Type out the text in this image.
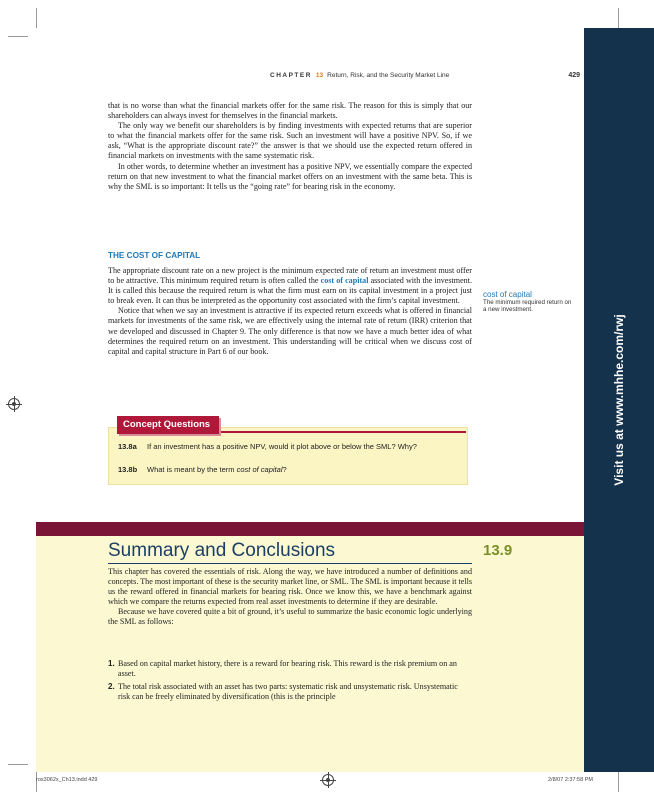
Visit us at www.mhhe.com/rwj
CHAPTER 13 Return, Risk, and the Security Market Line	429

that is no worse than what the financial markets offer for the same risk. The reason for this is simply that our shareholders can always invest for themselves in the financial markets.

The only way we benefit our shareholders is by finding investments with expected returns that are superior to what the financial markets offer for the same risk. Such an investment will have a positive NPV. So, if we ask, “What is the appropriate discount rate?” the answer is that we should use the expected return offered in financial markets on investments with the same systematic risk.

In other words, to determine whether an investment has a positive NPV, we essentially compare the expected return on that new investment to what the financial market offers on an investment with the same beta. This is why the SML is so important: It tells us the “going rate” for bearing risk in the economy.

THE COST OF CAPITAL

The appropriate discount rate on a new project is the minimum expected rate of return an investment must offer to be attractive. This minimum required return is often called the cost of capital associated with the investment. It is called this because the required return is what the firm must earn on its capital investment in a project just to break even. It can thus be interpreted as the opportunity cost associated with the firm’s capital investment.

Notice that when we say an investment is attractive if its expected return exceeds what is offered in financial markets for investments of the same risk, we are effectively using the internal rate of return (IRR) criterion that we developed and discussed in Chapter 9. The only difference is that now we have a much better idea of what determines the required return on an investment. This understanding will be critical when we discuss cost of capital and capital structure in Part 6 of our book.

cost of capital
The minimum required return on a new investment.
Concept Questions
13.8a	If an investment has a positive NPV, would it plot above or below the SML? Why?
13.8b	What is meant by the term cost of capital?
Summary and Conclusions	13.9

This chapter has covered the essentials of risk. Along the way, we have introduced a number of definitions and concepts. The most important of these is the security market line, or SML. The SML is important because it tells us the reward offered in financial markets for bearing risk. Once we know this, we have a benchmark against which we compare the returns expected from real asset investments to determine if they are desirable.

Because we have covered quite a bit of ground, it’s useful to summarize the basic economic logic underlying the SML as follows:

1. Based on capital market history, there is a reward for bearing risk. This reward is the risk premium on an asset.
2. The total risk associated with an asset has two parts: systematic risk and unsystematic risk. Unsystematic risk can be freely eliminated by diversification (this is the principle
ros3062x_Ch13.indd 429	2/8/07 2:37:58 PM
